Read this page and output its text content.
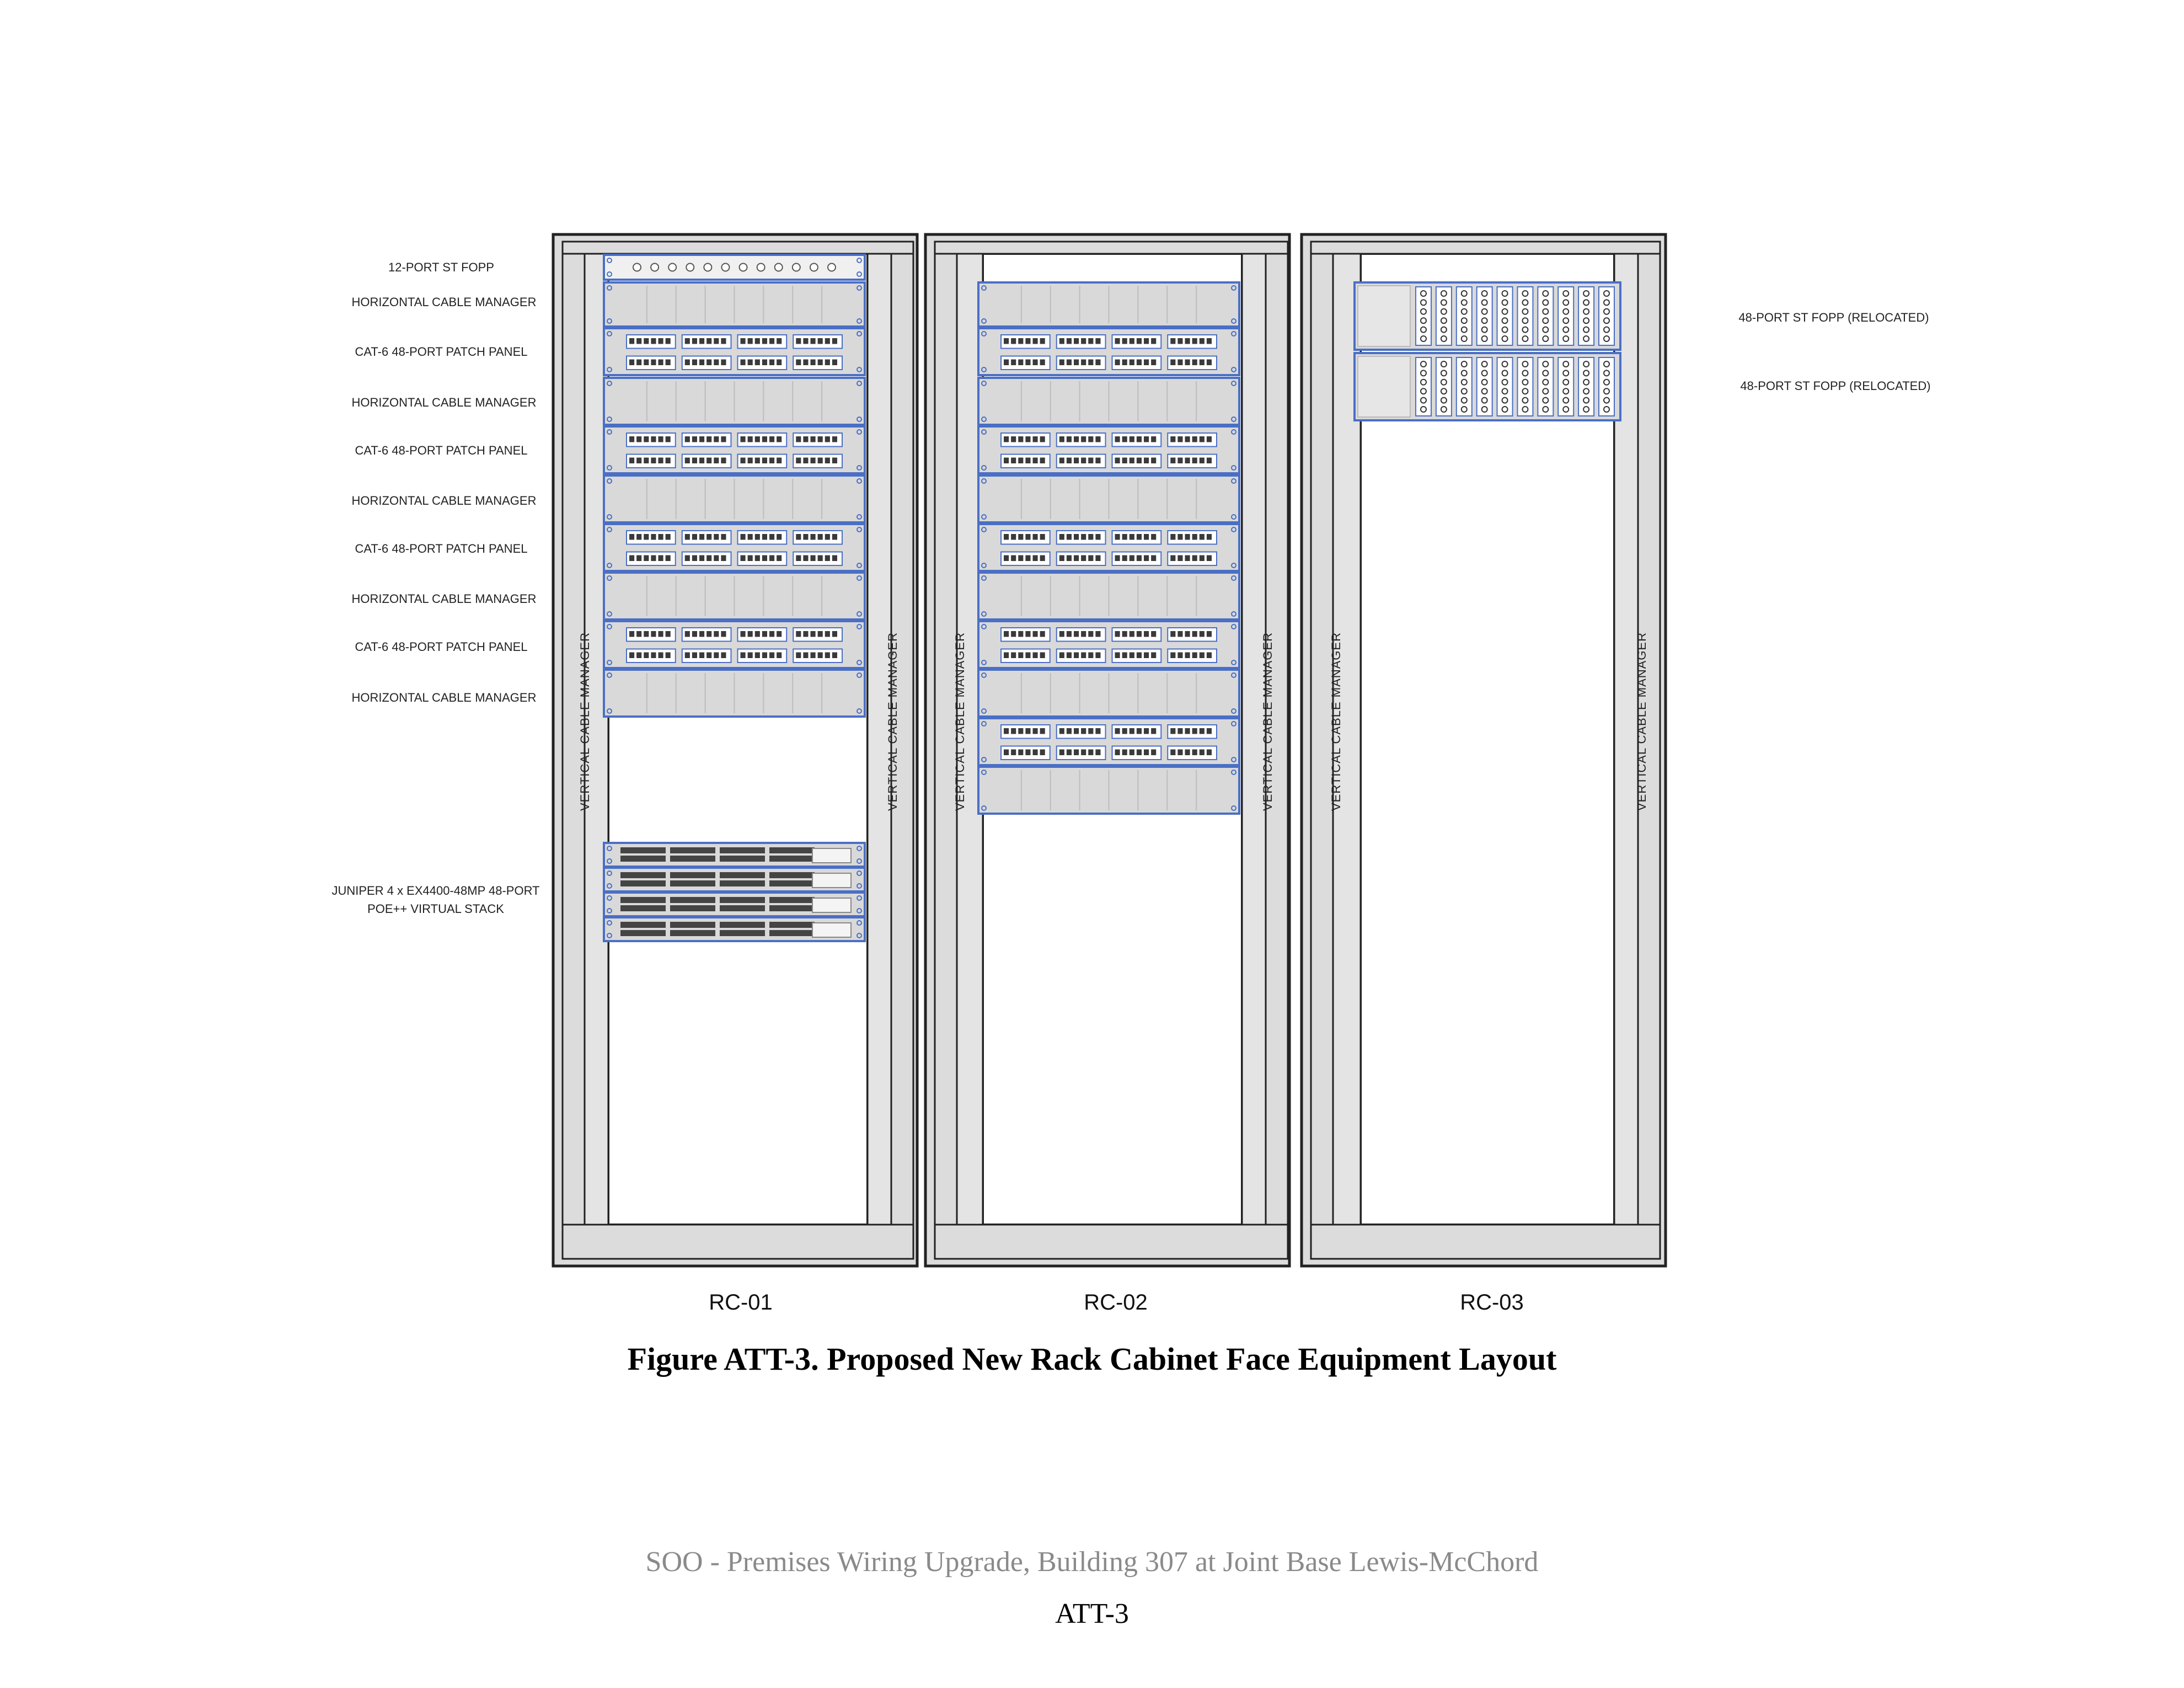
VERTICAL CABLE MANAGER	VERTICAL CABLE MANAGER	VERTICAL CABLE MANAGER	VERTICAL CABLE MANAGER	VERTICAL CABLE MANAGER	VERTICAL CABLE MANAGER
12-PORT ST FOPP
HORIZONTAL CABLE MANAGER
CAT-6 48-PORT PATCH PANEL
HORIZONTAL CABLE MANAGER
CAT-6 48-PORT PATCH PANEL
HORIZONTAL CABLE MANAGER
CAT-6 48-PORT PATCH PANEL
HORIZONTAL CABLE MANAGER
CAT-6 48-PORT PATCH PANEL
HORIZONTAL CABLE MANAGER
JUNIPER 4 x EX4400-48MP 48-PORT
POE++ VIRTUAL STACK
48-PORT ST FOPP (RELOCATED)
48-PORT ST FOPP (RELOCATED)
RC-01	RC-02	RC-03
Figure ATT-3. Proposed New Rack Cabinet Face Equipment Layout
SOO - Premises Wiring Upgrade, Building 307 at Joint Base Lewis-McChord
ATT-3
